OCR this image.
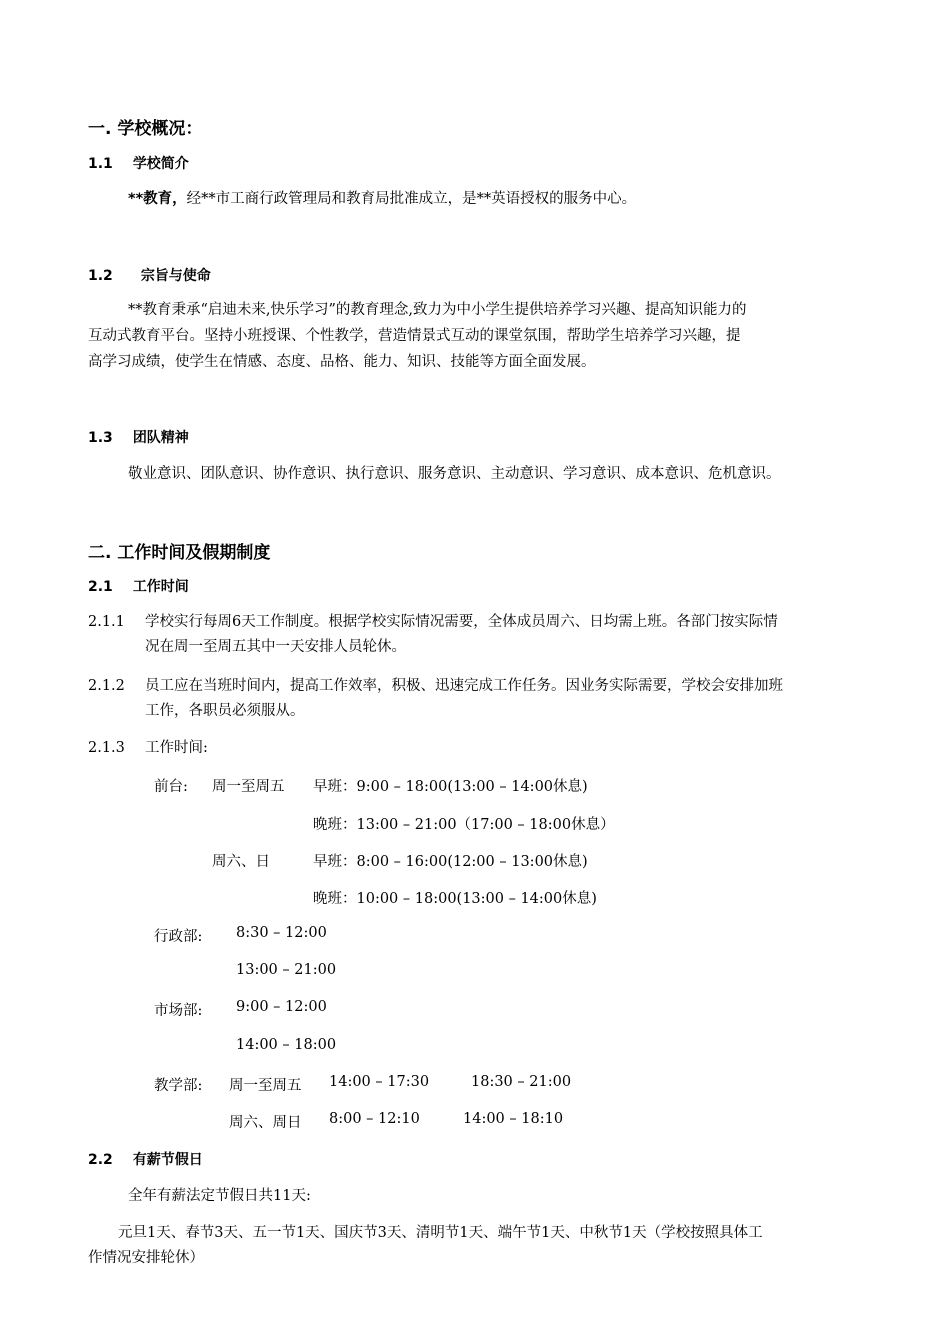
一. 学校概况：
1.1 学校简介
**教育，经**市工商行政管理局和教育局批准成立，是**英语授权的服务中心。
1.2 宗旨与使命
**教育秉承“启迪未来,快乐学习”的教育理念,致力为中小学生提供培养学习兴趣、提高知识能力的
互动式教育平台。坚持小班授课、个性教学，营造情景式互动的课堂氛围，帮助学生培养学习兴趣，提
高学习成绩，使学生在情感、态度、品格、能力、知识、技能等方面全面发展。
1.3 团队精神
敬业意识、团队意识、协作意识、执行意识、服务意识、主动意识、学习意识、成本意识、危机意识。
二. 工作时间及假期制度
2.1 工作时间
2.1.1 学校实行每周6天工作制度。根据学校实际情况需要，全体成员周六、日均需上班。各部门按实际情
况在周一至周五其中一天安排人员轮休。
2.1.2 员工应在当班时间内，提高工作效率，积极、迅速完成工作任务。因业务实际需要，学校会安排加班
工作，各职员必须服从。
2.1.3 工作时间:
前台: 周一至周五 早班：9:00 – 18:00(13:00 – 14:00休息)
晚班：13:00 – 21:00（17:00 – 18:00休息）
周六、日	早班：8:00 – 16:00(12:00 – 13:00休息)
晚班：10:00 – 18:00(13:00 – 14:00休息)
行政部: 8:30 – 12:00
13:00 – 21:00
市场部: 9:00 – 12:00
14:00 – 18:00
教学部: 周一至周五 14:00 – 17:30	18:30 – 21:00
周六、周日 8:00 – 12:10	14:00 – 18:10
2.2 有薪节假日
全年有薪法定节假日共11天:
元旦1天、春节3天、五一节1天、国庆节3天、清明节1天、端午节1天、中秋节1天（学校按照具体工
作情况安排轮休）
